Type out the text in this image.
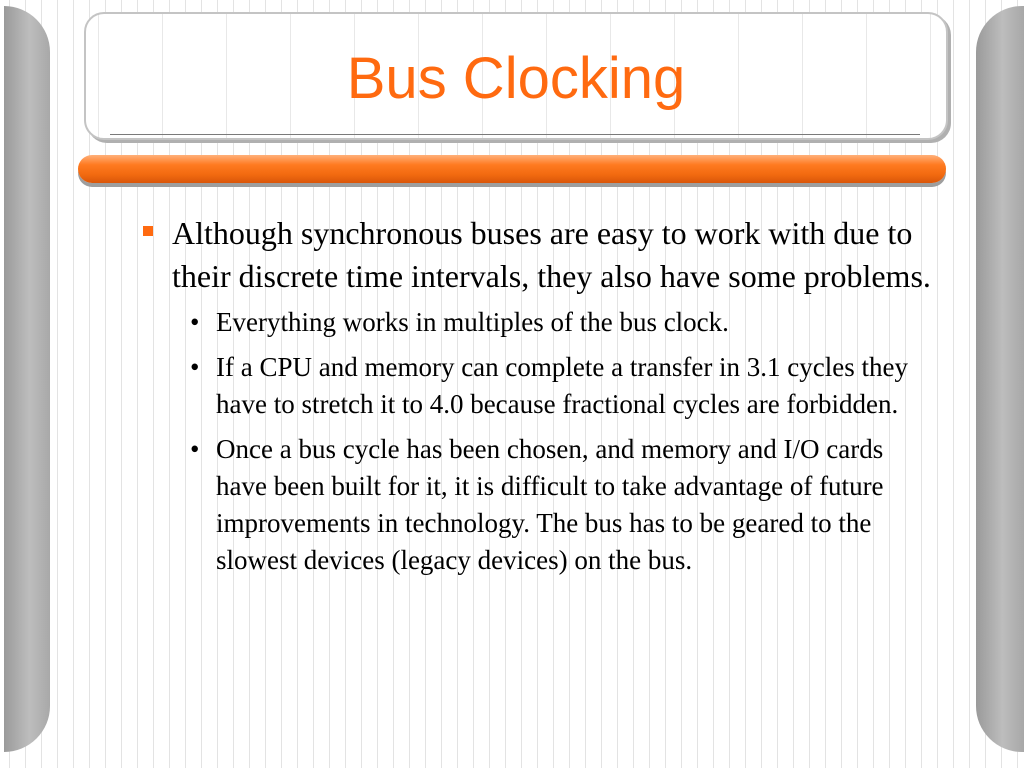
Bus Clocking
Although synchronous buses are easy to work with due to their discrete time intervals, they also have some problems.
• Everything works in multiples of the bus clock.
• If a CPU and memory can complete a transfer in 3.1 cycles they have to stretch it to 4.0 because fractional cycles are forbidden.
• Once a bus cycle has been chosen, and memory and I/O cards have been built for it, it is difficult to take advantage of future improvements in technology. The bus has to be geared to the slowest devices (legacy devices) on the bus.
